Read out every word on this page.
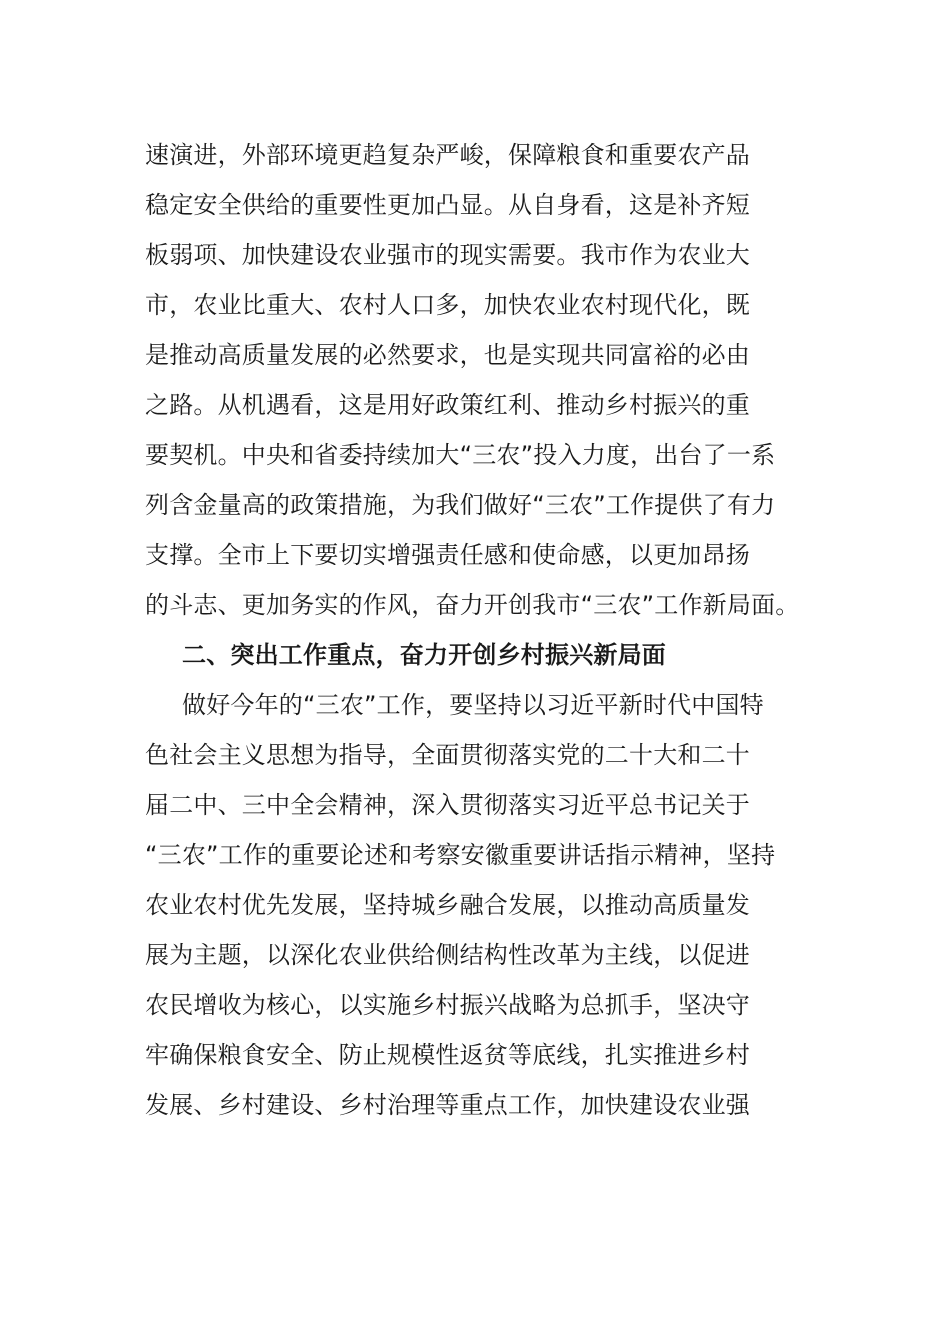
速演进，外部环境更趋复杂严峻，保障粮食和重要农产品
稳定安全供给的重要性更加凸显。从自身看，这是补齐短
板弱项、加快建设农业强市的现实需要。我市作为农业大
市，农业比重大、农村人口多，加快农业农村现代化，既
是推动高质量发展的必然要求，也是实现共同富裕的必由
之路。从机遇看，这是用好政策红利、推动乡村振兴的重
要契机。中央和省委持续加大“三农”投入力度，出台了一系
列含金量高的政策措施，为我们做好“三农”工作提供了有力
支撑。全市上下要切实增强责任感和使命感，以更加昂扬
的斗志、更加务实的作风，奋力开创我市“三农”工作新局面。
二、突出工作重点，奋力开创乡村振兴新局面
做好今年的“三农”工作，要坚持以习近平新时代中国特
色社会主义思想为指导，全面贯彻落实党的二十大和二十
届二中、三中全会精神，深入贯彻落实习近平总书记关于
“三农”工作的重要论述和考察安徽重要讲话指示精神，坚持
农业农村优先发展，坚持城乡融合发展，以推动高质量发
展为主题，以深化农业供给侧结构性改革为主线，以促进
农民增收为核心，以实施乡村振兴战略为总抓手，坚决守
牢确保粮食安全、防止规模性返贫等底线，扎实推进乡村
发展、乡村建设、乡村治理等重点工作，加快建设农业强
